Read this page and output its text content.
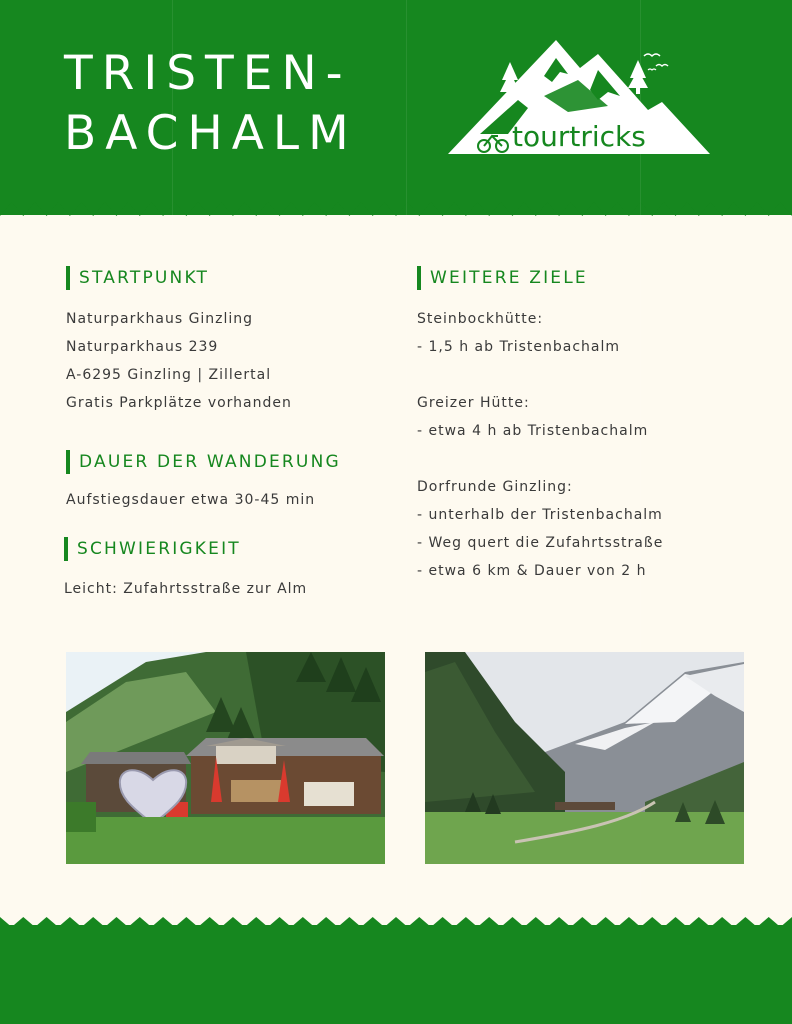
TRISTEN-
BACHALM	tourtricks
STARTPUNKT
Naturparkhaus Ginzling
Naturparkhaus 239
A-6295 Ginzling | Zillertal
Gratis Parkplätze vorhanden
DAUER DER WANDERUNG
Aufstiegsdauer etwa 30-45 min
SCHWIERIGKEIT
Leicht: Zufahrtsstraße zur Alm
WEITERE ZIELE
Steinbockhütte:
- 1,5 h ab Tristenbachalm

Greizer Hütte:
- etwa 4 h ab Tristenbachalm

Dorfrunde Ginzling:
- unterhalb der Tristenbachalm
- Weg quert die Zufahrtsstraße
- etwa 6 km & Dauer von 2 h
